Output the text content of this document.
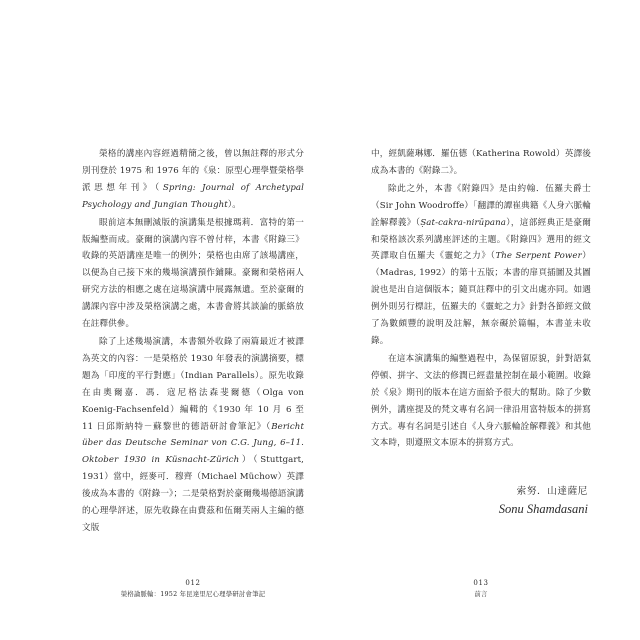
榮格的講座內容經過精簡之後，曾以無註釋的形式分別刊登於 1975 和 1976 年的《泉：原型心理學暨榮格學派思想年刊》（Spring: Journal of Archetypal Psychology and Jungian Thought）。

眼前這本無刪減版的演講集是根據瑪莉．富特的第一版編整而成。豪爾的演講內容不曾付梓，本書《附錄三》收錄的英語講座是唯一的例外；榮格也由席了該場講座，以便為自己接下來的幾場演講預作鋪陳。豪爾和榮格兩人研究方法的相應之處在這場演講中展露無遺。至於豪爾的講課內容中涉及榮格演講之處，本書會將其談論的脈絡放在註釋供參。

除了上述幾場演講，本書額外收錄了兩篇最近才被譯為英文的內容：一是榮格於 1930 年發表的演講摘要，標題為「印度的平行對應」（Indian Parallels）。原先收錄在由奧爾嘉．馮．寇尼格法森斐爾德（Olga von Koenig-Fachsenfeld）編輯的《1930 年 10 月 6 至 11 日邱斯納特－蘇黎世的德語研討會筆記》（Bericht über das Deutsche Seminar von C.G. Jung, 6–11. Oktober 1930 in Küsnacht-Zürich）（Stuttgart, 1931）當中，經麥可．穆齊（Michael Müchow）英譯後成為本書的《附錄一》；二是榮格對於豪爾幾場德語演講的心理學評述，原先收錄在由費茲和伍爾芙兩人主編的德文版

中，經凱薩琳娜．羅伍德（Katherina Rowold）英譯後成為本書的《附錄二》。

除此之外，本書《附錄四》是由約翰．伍羅夫爵士（Sir John Woodroffe）「翻譯的譚崔典籍《人身六脈輪詮解釋義》（Ṣat-cakra-nirūpana），這部經典正是豪爾和榮格該次系列講座評述的主題。《附錄四》選用的經文英譯取自伍羅夫《靈蛇之力》（The Serpent Power）（Madras, 1992）的第十五版；本書的扉頁插圖及其圖說也是出自這個版本；隨頁註釋中的引文出處亦同。如遇例外則另行標註，伍羅夫的《靈蛇之力》針對各節經文做了為數頗豐的說明及註解，無奈礙於篇幅，本書並未收錄。

在這本演講集的編整過程中，為保留原貌，針對語氣停頓、拼字、文法的修潤已經盡量控制在最小範圍。收錄於《泉》期刊的版本在這方面給予很大的幫助。除了少數例外，講座提及的梵文專有名詞一律沿用富特版本的拼寫方式。專有名詞是引述自《人身六脈輪詮解釋義》和其他文本時，則遵照文本原本的拼寫方式。

索努．山達薩尼
Sonu Shamdasani
012
榮格論脈輪：1952 年昆達里尼心理學研討會筆記
013
前言
